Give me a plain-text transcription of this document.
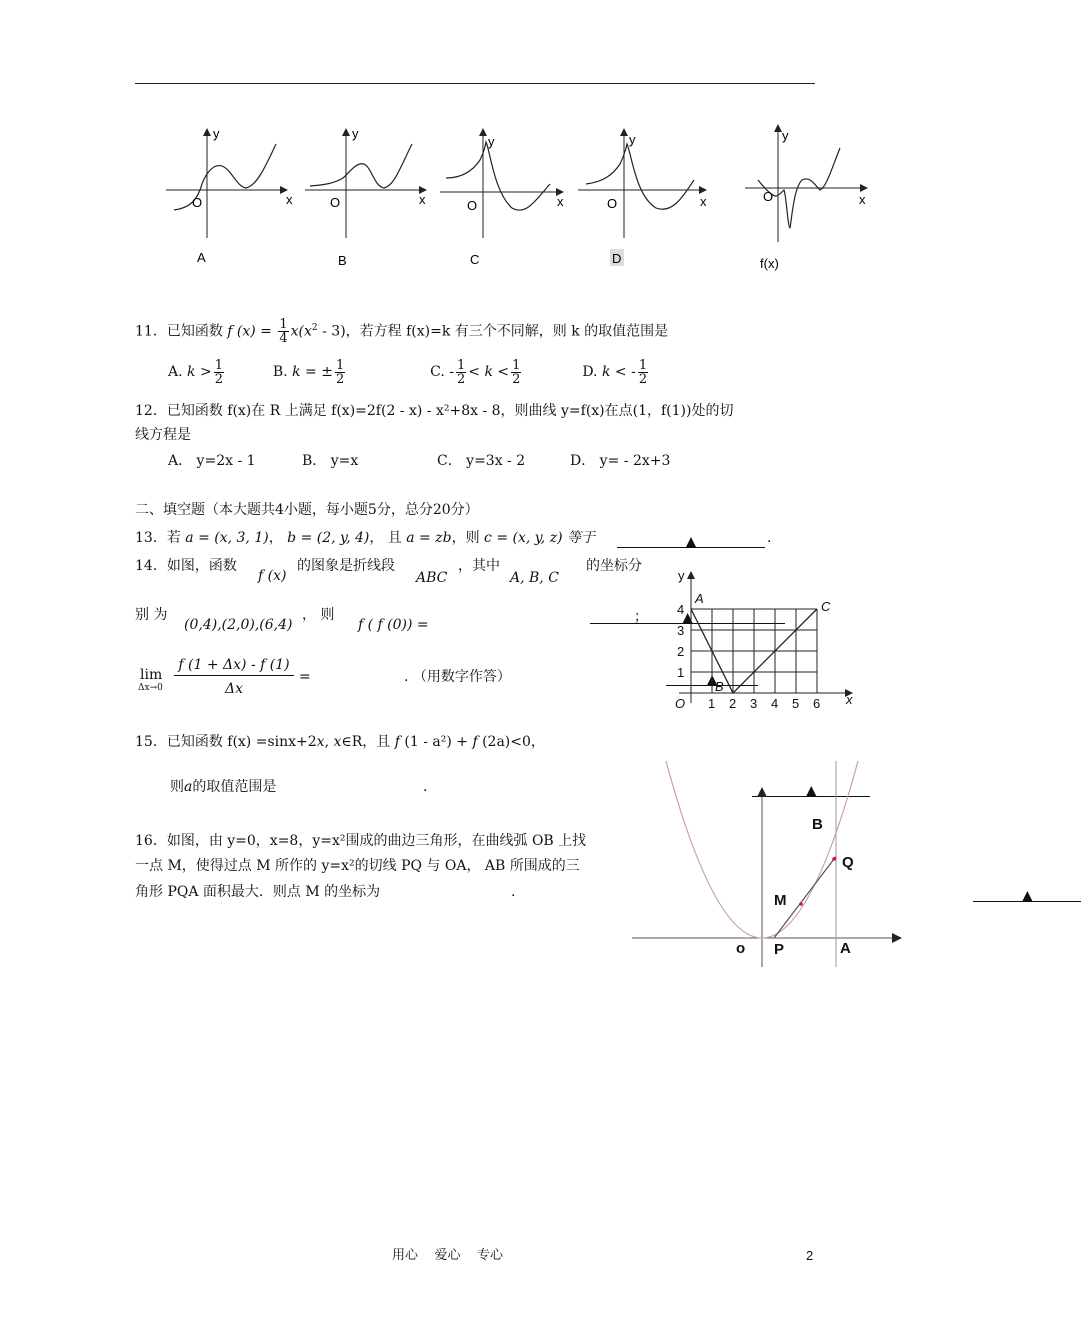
y
x
O
A
y
x
O
B
y
x
O
C
y
x
O
D
y
x
O
f(x)
11．已知函数 f $(x) = \frac{1}{4} x(x^2 - 3)$，若方程 f(x)=k 有三个不同解，则 k 的取值范围是
A. $k > \frac{1}{2}$	B. k = ± $\frac{1}{2}$	C. - $\frac{1}{2} < k < \frac{1}{2}$	D. k < - $\frac{1}{2}$
12．已知函数 f(x)在 R 上满足 f(x)=2f(2 - x) - x²+8x - 8，则曲线 y=f(x)在点(1，f(1))处的切
线方程是
A． y=2x - 1	B． y=x	C． y=3x - 2	D． y= - 2x+3
二、填空题（本大题共4小题，每小题5分，总分20分）
13．若 a = (x, 3, 1)， b = (2, y, 4)， 且 a = zb，则 c = (x, y, z) 等于	▲	.
14．如图，函数
f (x)
的图象是折线段
ABC
，其中
A, B, C
的坐标分
别 为
(0,4),(2,0),(6,4)
， 则
f ( f (0)) =	▲
；
lim
Δx→0
f (1 + Δx) - f (1)
Δx
=	▲
. （用数字作答）
y
x
O
A
B
C
1
2
3
4
1 2 3 4 5 6
15．已知函数 f(x) =sinx+2x, x∈R，且 f (1 - a²) + f (2a)<0，
则a的取值范围是	▲
.
16．如图，由 y=0，x=8，y=x²围成的曲边三角形，在曲线弧 OB 上找
一点 M，使得过点 M 所作的 y=x²的切线 PQ 与 OA， AB 所围成的三
角形 PQA 面积最大．则点 M 的坐标为	▲
.
B
Q
M
o P	A
用心    爱心    专心	2
